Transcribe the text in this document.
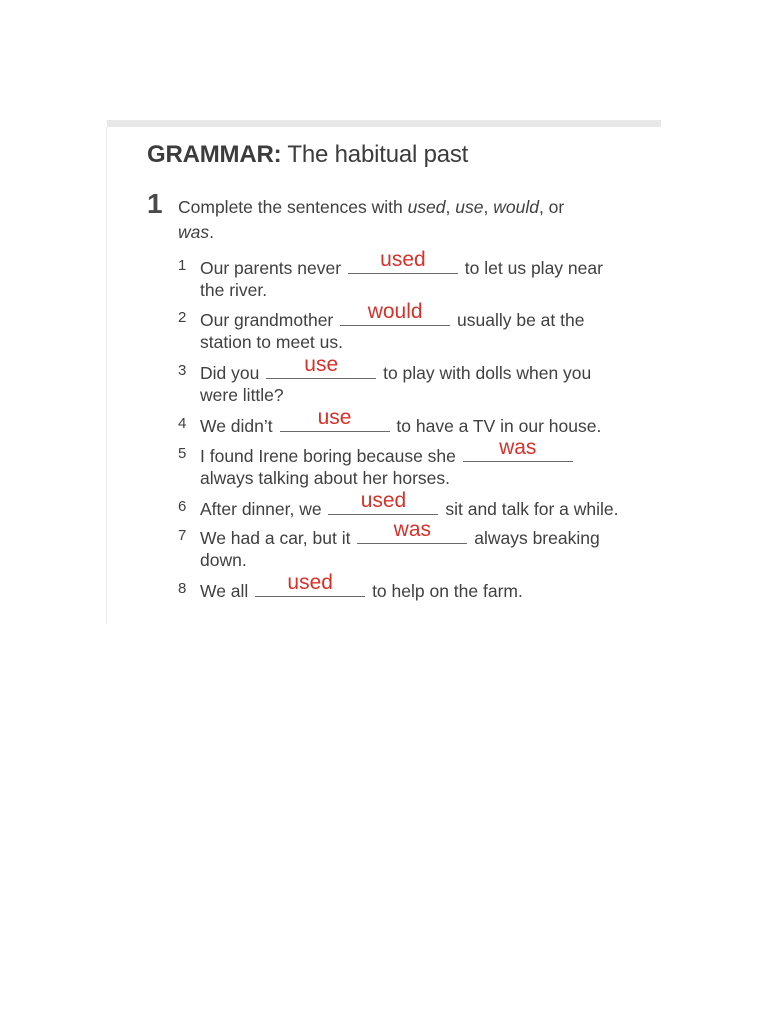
GRAMMAR: The habitual past
1 Complete the sentences with used, use, would, or
was.
1 Our parents never	used	to let us play near
the river.
2 Our grandmother	would	usually be at the
station to meet us.
3 Did you	use	to play with dolls when you
were little?
4 We didn’t	use	to have a TV in our house.
5 I found Irene boring because she	was
always talking about her horses.
6 After dinner, we	used	sit and talk for a while.
7 We had a car, but it	was	always breaking
down.
8 We all	used	to help on the farm.
